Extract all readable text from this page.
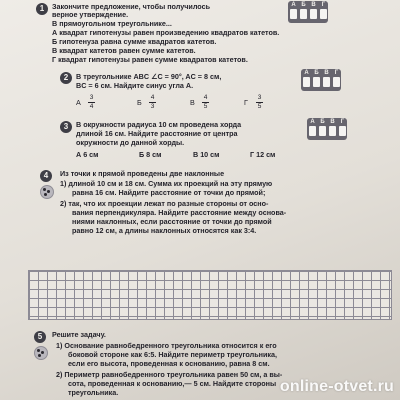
1	Закончите предложение, чтобы получилось
верное утверждение.
В прямоугольном треугольнике...
А квадрат гипотенузы равен произведению квадратов катетов.
Б гипотенуза равна сумме квадратов катетов.
В квадрат катетов равен сумме катетов.
Г квадрат гипотенузы равен сумме квадратов катетов.
А Б В	Г
2	В треугольнике ABC ∠C = 90°, AC = 8 см,
BC = 6 см. Найдите синус угла A.
А
3
4	Б
4
3	В
4
5	Г
3
5
А Б В	Г
3	В окружности радиуса 10 см проведена хорда
длиной 16 см. Найдите расстояние от центра
окружности до данной хорды.
А 6 см	Б 8 см	В 10 см	Г 12 см
А Б В	Г
4	Из точки к прямой проведены две наклонные
1) длиной 10 см и 18 см. Сумма их проекций на эту прямую
равна 16 см. Найдите расстояние от точки до прямой;
2) так, что их проекции лежат по разные стороны от осно-
вания перпендикуляра. Найдите расстояние между основа-
ниями наклонных, если расстояние от точки до прямой
равно 12 см, а длины наклонных относятся как 3:4.
5	Решите задачу.
1) Основание равнобедренного треугольника относится к его
боковой стороне как 6:5. Найдите периметр треугольника,
если его высота, проведенная к основанию, равна 8 см.
2) Периметр равнобедренного треугольника равен 50 см, а вы-
сота, проведенная к основанию,— 5 см. Найдите стороны
треугольника.	online-otvet.ru
